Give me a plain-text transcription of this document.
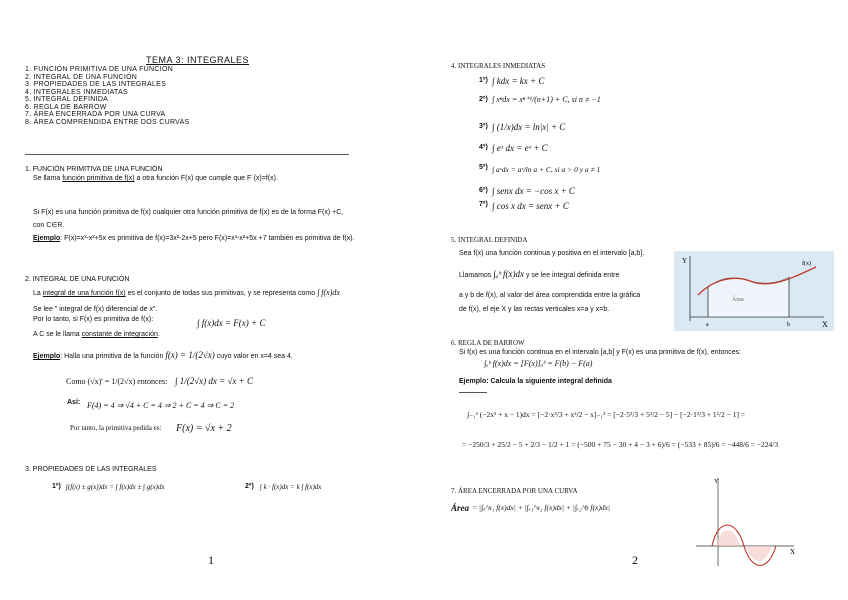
TEMA 3: INTEGRALES
1. FUNCIÓN PRIMITIVA DE UNA FUNCIÓN
2. INTEGRAL DE UNA FUNCIÓN
3. PROPIEDADES DE LAS INTEGRALES
4. INTEGRALES INMEDIATAS
5. INTEGRAL DEFINIDA
6. REGLA DE BARROW
7. ÁREA ENCERRADA POR UNA CURVA
8. ÁREA COMPRENDIDA ENTRE DOS CURVAS
1. FUNCIÓN PRIMITIVA DE UNA FUNCIÓN
Se llama función primitiva de f(x) a otra función F(x) que cumple que F´(x)=f(x).
Si F(x) es una función primitiva de f(x) cualquier otra función primitiva de f(x) es de la forma F(x) +C,
con C∈R.
Ejemplo: F(x)=x³-x²+5x es primitiva de f(x)=3x²-2x+5 pero F(x)=x³-x²+5x +7 también es primitiva de f(x).
2. INTEGRAL DE UNA FUNCIÓN
La integral de una función f(x) es el conjunto de todas sus primitivas, y se representa como ∫ f(x)dx
Se lee " integral de f(x) diferencial de x".
Por lo tanto, si F(x) es primitiva de f(x):	∫ f(x)dx = F(x) + C
A C se le llama constante de integración.
Ejemplo: Halla una primitiva de la función f(x) = 1/(2√x) cuyo valor en x=4 sea 4.
Como (√x)' = 1/(2√x) entonces: ∫ 1/(2√x) dx = √x + C
Así: F(4) = 4 ⇒ √4 + C = 4 ⇒ 2 + C = 4 ⇒ C = 2
Por tanto, la primitiva pedida es: F(x) = √x + 2
3. PROPIEDADES DE LAS INTEGRALES
1º) ∫(f(x) ± g(x))dx = ∫ f(x)dx ± ∫ g(x)dx	2º) ∫ k · f(x)dx = k ∫ f(x)dx
1
4. INTEGRALES INMEDIATAS
1º) ∫ kdx = kx + C
2º) ∫ xⁿdx = xⁿ⁺¹/(n+1) + C, si n ≠ −1
3º) ∫ (1/x)dx = ln|x| + C
4º) ∫ eˣ dx = eˣ + C
5º) ∫ aˣdx = aˣ/ln a + C, si a > 0 y a ≠ 1
6º) ∫ senx dx = −cos x + C
7º) ∫ cos x dx = senx + C
5. INTEGRAL DEFINIDA
Sea f(x) una función continua y positiva en el intervalo [a,b].
Llamamos ∫ₐᵇ f(x)dx y se lee integral definida entre
a y b de f(x), al valor del área comprendida entre la gráfica
de f(x), el eje X y las rectas verticales x=a y x=b.
Y
X
f(x)
Área
a	b
6. REGLA DE BARROW
Si f(x) es una función continua en el intervalo [a,b] y F(x) es una primitiva de f(x), entonces:
∫ₐᵇ f(x)dx = [F(x)]ₐᵇ = F(b) − F(a)
Ejemplo: Calcula la siguiente integral definida
∫₋₁² (−2x² + x − 1)dx = [−2·x³/3 + x²/2 − x]₋₁² = [−2·5³/3 + 5²/2 − 5] − [−2·1³/3 + 1²/2 − 1] =
= −250/3 + 25/2 − 5 + 2/3 − 1/2 + 1 = (−500 + 75 − 30 + 4 − 3 + 6)/6 = (−533 + 85)/6 = −448/6 = −224/3
7. ÁREA ENCERRADA POR UNA CURVA
Área = |∫ₐ^x₁ f(x)dx| + |∫ₓ₁^x₂ f(x)dx| + |∫ₓ₂^b f(x)dx|
Y
X
2
